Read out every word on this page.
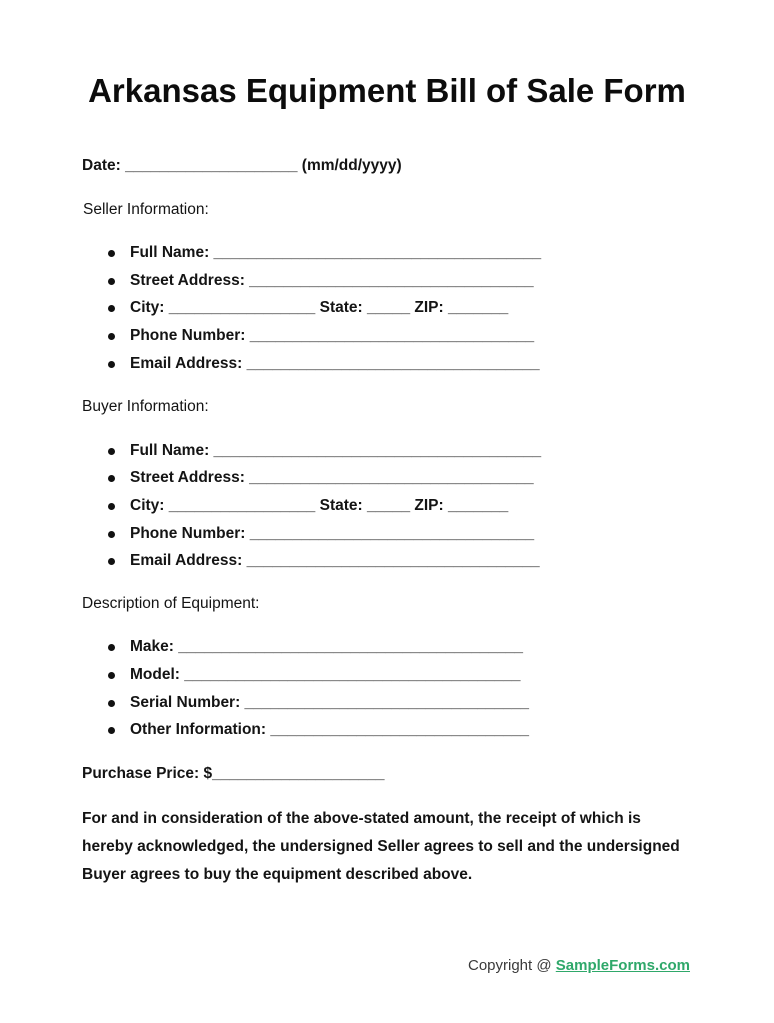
Arkansas Equipment Bill of Sale Form
Date: ____________________ (mm/dd/yyyy)
Seller Information:
Full Name: ______________________________________
Street Address: _________________________________
City: _________________ State: _____ ZIP: _______
Phone Number: _________________________________
Email Address: __________________________________
Buyer Information:
Full Name: ______________________________________
Street Address: _________________________________
City: _________________ State: _____ ZIP: _______
Phone Number: _________________________________
Email Address: __________________________________
Description of Equipment:
Make: ________________________________________
Model: _______________________________________
Serial Number: _________________________________
Other Information: ______________________________
Purchase Price: $____________________
For and in consideration of the above-stated amount, the receipt of which is
hereby acknowledged, the undersigned Seller agrees to sell and the undersigned
Buyer agrees to buy the equipment described above.
Copyright @ SampleForms.com
